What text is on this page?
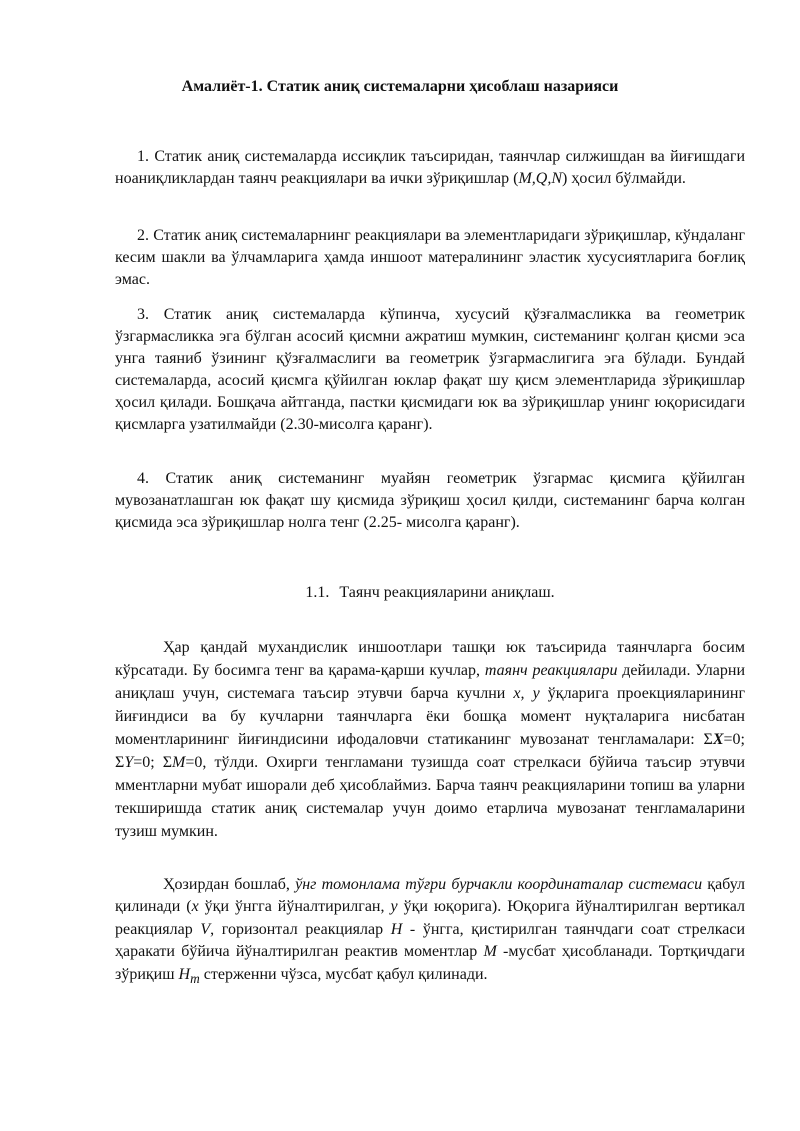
Амалиёт-1. Статик аниқ системаларни ҳисоблаш назарияси

1. Статик аниқ системаларда иссиқлик таъсиридан, таянчлар силжишдан ва йиғишдаги ноаниқликлардан таянч реакциялари ва ички зўриқишлар (M,Q,N) ҳосил бўлмайди.

2. Статик аниқ системаларнинг реакциялари ва элементларидаги зўриқишлар, кўндаланг кесим шакли ва ўлчамларига ҳамда иншоот матералининг эластик хусусиятларига боғлиқ эмас.

3. Статик аниқ системаларда кўпинча, хусусий қўзғалмасликка ва геометрик ўзгармасликка эга бўлган асосий қисмни ажратиш мумкин, системанинг қолган қисми эса унга таяниб ўзининг қўзғалмаслиги ва геометрик ўзгармаслигига эга бўлади. Бундай системаларда, асосий қисмга қўйилган юклар фақат шу қисм элементларида зўриқишлар ҳосил қилади. Бошқача айтганда, пастки қисмидаги юк ва зўриқишлар унинг юқорисидаги қисмларга узатилмайди (2.30-мисолга қаранг).

4. Статик аниқ системанинг муайян геометрик ўзгармас қисмига қўйилган мувозанатлашган юк фақат шу қисмида зўриқиш ҳосил қилди, системанинг барча колган қисмида эса зўриқишлар нолга тенг (2.25- мисолга қаранг).

1.1. Таянч реакцияларини аниқлаш.

Ҳар қандай мухандислик иншоотлари ташқи юк таъсирида таянчларга босим кўрсатади. Бу босимга тенг ва қарама-қарши кучлар, таянч реакциялари дейилади. Уларни аниқлаш учун, системага таъсир этувчи барча кучлни x, y ўқларига проекцияларининг йиғиндиси ва бу кучларни таянчларга ёки бошқа момент нуқталарига нисбатан моментларининг йиғиндисини ифодаловчи статиканинг мувозанат тенгламалари: ΣX=0; ΣY=0; ΣM=0, тўлди. Охирги тенгламани тузишда соат стрелкаси бўйича таъсир этувчи мментларни мубат ишорали деб ҳисоблаймиз. Барча таянч реакцияларини топиш ва уларни текширишда статик аниқ системалар учун доимо етарлича мувозанат тенгламаларини тузиш мумкин.

Ҳозирдан бошлаб, ўнг томонлама тўғри бурчакли координаталар системаси қабул қилинади (x ўқи ўнгга йўналтирилган, y ўқи юқорига). Юқорига йўналтирилган вертикал реакциялар V, горизонтал реакциялар H - ўнгга, қистирилган таянчдаги соат стрелкаси ҳаракати бўйича йўналтирилган реактив моментлар M -мусбат ҳисобланади. Тортқичдаги зўриқиш $H_m$ стерженни чўзса, мусбат қабул қилинади.
